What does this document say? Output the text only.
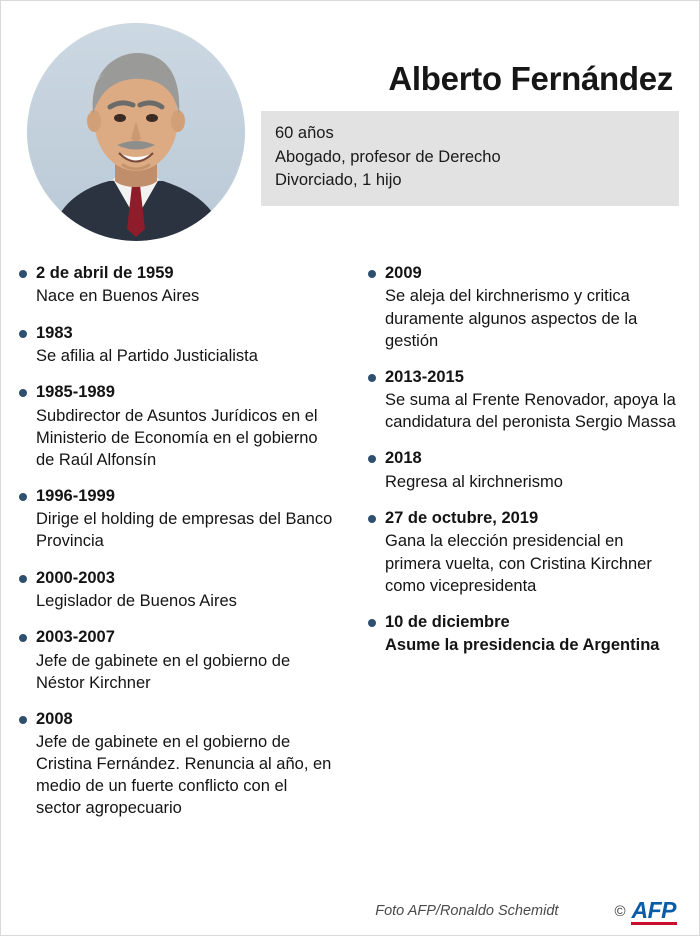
Alberto Fernández
60 años
Abogado, profesor de Derecho
Divorciado, 1 hijo
2 de abril de 1959
Nace en Buenos Aires
1983
Se afilia al Partido Justicialista
1985-1989
Subdirector de Asuntos Jurídicos en el Ministerio de Economía en el gobierno de Raúl Alfonsín
1996-1999
Dirige el holding de empresas del Banco Provincia
2000-2003
Legislador de Buenos Aires
2003-2007
Jefe de gabinete en el gobierno de Néstor Kirchner
2008
Jefe de gabinete en el gobierno de Cristina Fernández. Renuncia al año, en medio de un fuerte conflicto con el sector agropecuario
2009
Se aleja del kirchnerismo y critica duramente algunos aspectos de la gestión
2013-2015
Se suma al Frente Renovador, apoya la candidatura del peronista Sergio Massa
2018
Regresa al kirchnerismo
27 de octubre, 2019
Gana la elección presidencial en primera vuelta, con Cristina Kirchner como vicepresidenta
10 de diciembre
Asume la presidencia de Argentina
Foto AFP/Ronaldo Schemidt	© AFP
